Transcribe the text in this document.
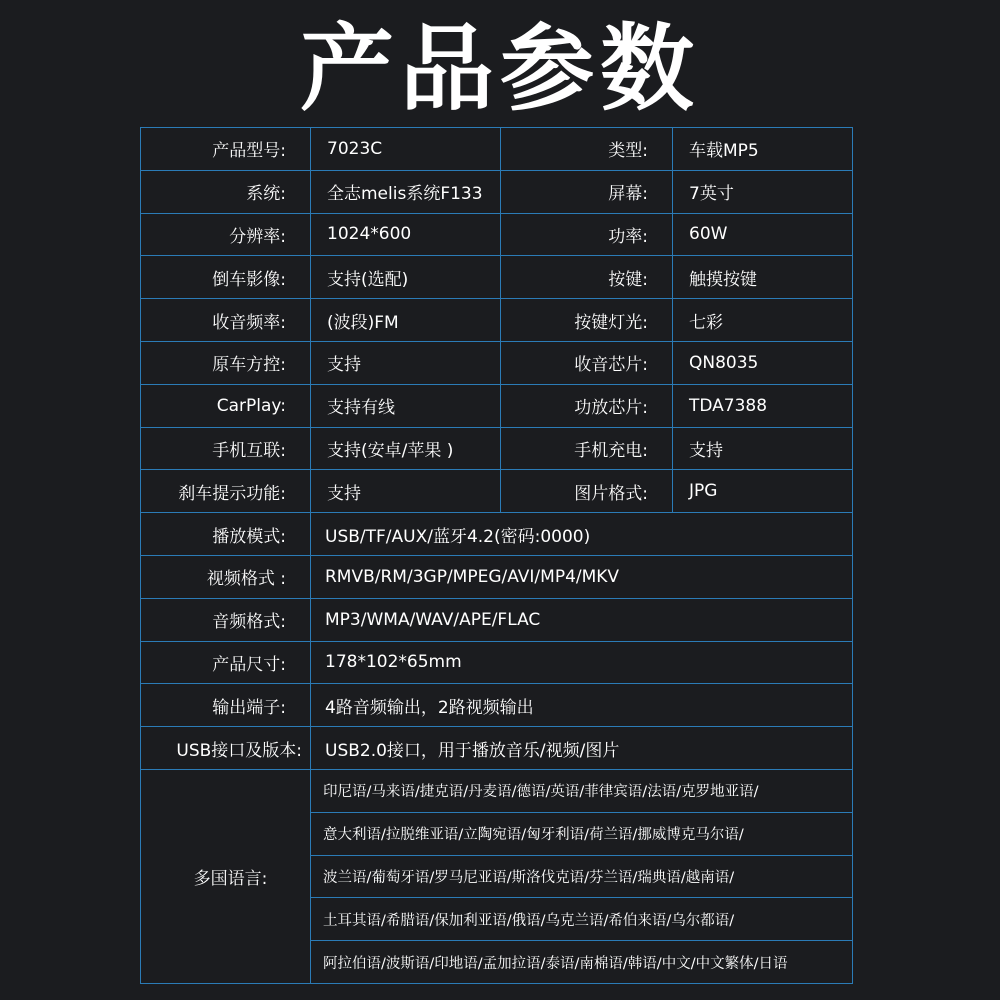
产品参数
产品型号:	7023C	类型:	车载MP5
系统:	全志melis系统F133	屏幕:	7英寸
分辨率:	1024*600	功率:	60W
倒车影像:	支持(选配)	按键:	触摸按键
收音频率:	(波段)FM	按键灯光:	七彩
原车方控:	支持	收音芯片:	QN8035
CarPlay:	支持有线	功放芯片:	TDA7388
手机互联:	支持(安卓/苹果 )	手机充电:	支持
刹车提示功能:	支持	图片格式:	JPG
播放模式:	USB/TF/AUX/蓝牙4.2(密码:0000)		
视频格式 :	RMVB/RM/3GP/MPEG/AVI/MP4/MKV		
音频格式:	MP3/WMA/WAV/APE/FLAC		
产品尺寸:	178*102*65mm		
输出端子:	4路音频输出，2路视频输出		
USB接口及版本:	USB2.0接口，用于播放音乐/视频/图片		
多国语言:	印尼语/马来语/捷克语/丹麦语/德语/英语/菲律宾语/法语/克罗地亚语/		
	意大利语/拉脱维亚语/立陶宛语/匈牙利语/荷兰语/挪威博克马尔语/		
	波兰语/葡萄牙语/罗马尼亚语/斯洛伐克语/芬兰语/瑞典语/越南语/		
	土耳其语/希腊语/保加利亚语/俄语/乌克兰语/希伯来语/乌尔都语/		
	阿拉伯语/波斯语/印地语/孟加拉语/泰语/南棉语/韩语/中文/中文繁体/日语		
